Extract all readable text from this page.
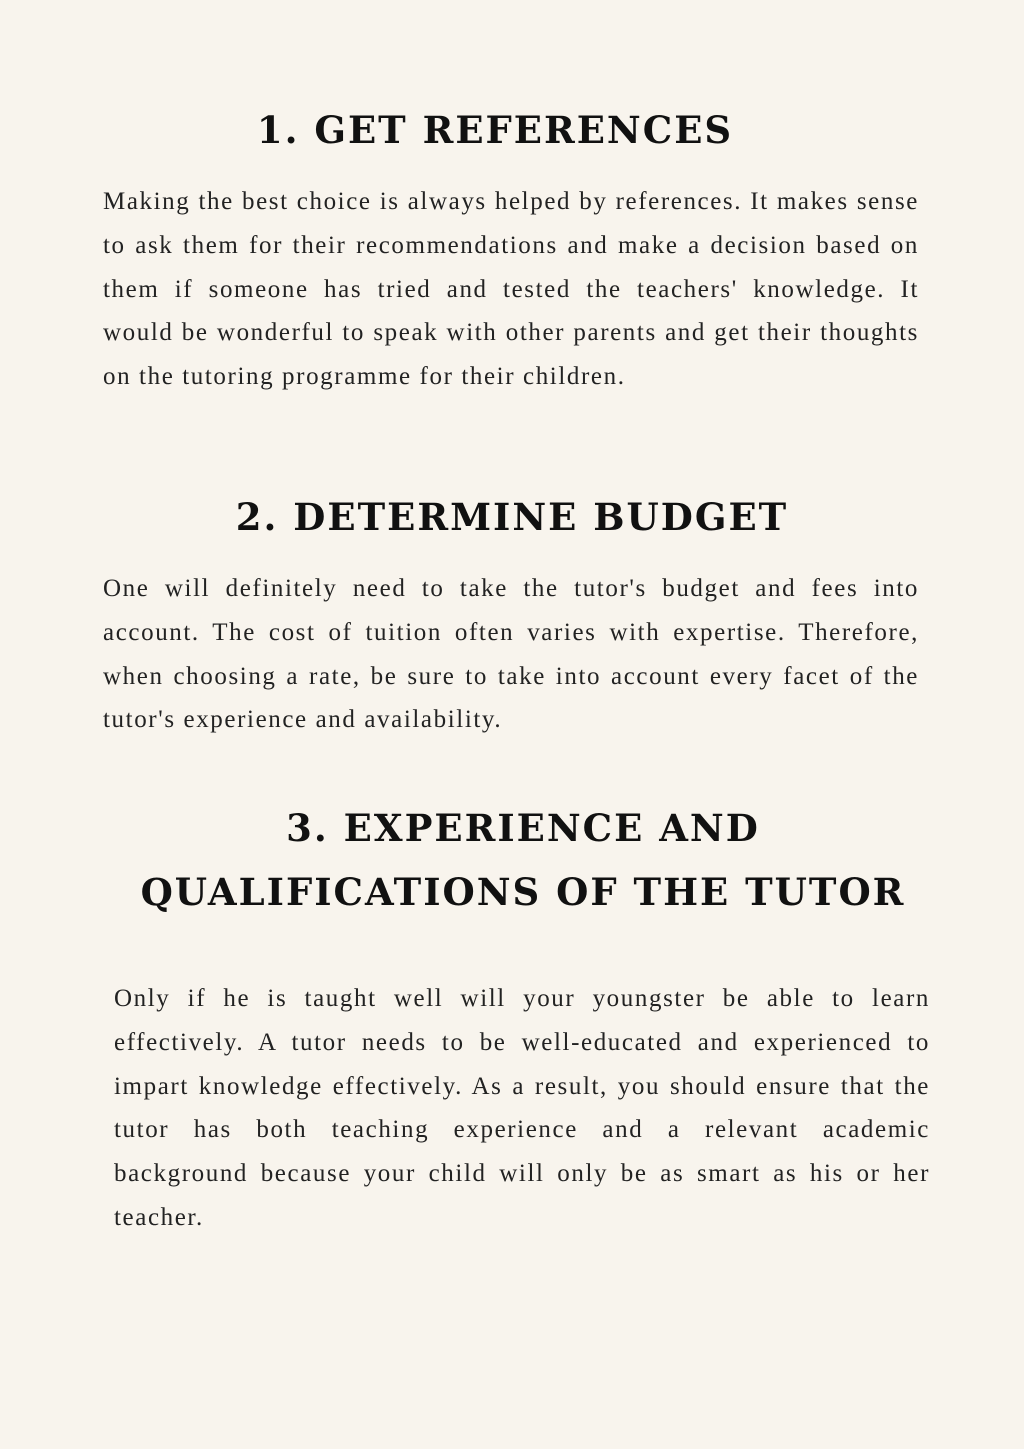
1. GET REFERENCES

Making the best choice is always helped by references. It makes sense to ask them for their recommendations and make a decision based on them if someone has tried and tested the teachers' knowledge. It would be wonderful to speak with other parents and get their thoughts on the tutoring programme for their children.

2. DETERMINE BUDGET

One will definitely need to take the tutor's budget and fees into account. The cost of tuition often varies with expertise. Therefore, when choosing a rate, be sure to take into account every facet of the tutor's experience and availability.

3. EXPERIENCE AND
QUALIFICATIONS OF THE TUTOR

Only if he is taught well will your youngster be able to learn effectively. A tutor needs to be well-educated and experienced to impart knowledge effectively. As a result, you should ensure that the tutor has both teaching experience and a relevant academic background because your child will only be as smart as his or her teacher.
